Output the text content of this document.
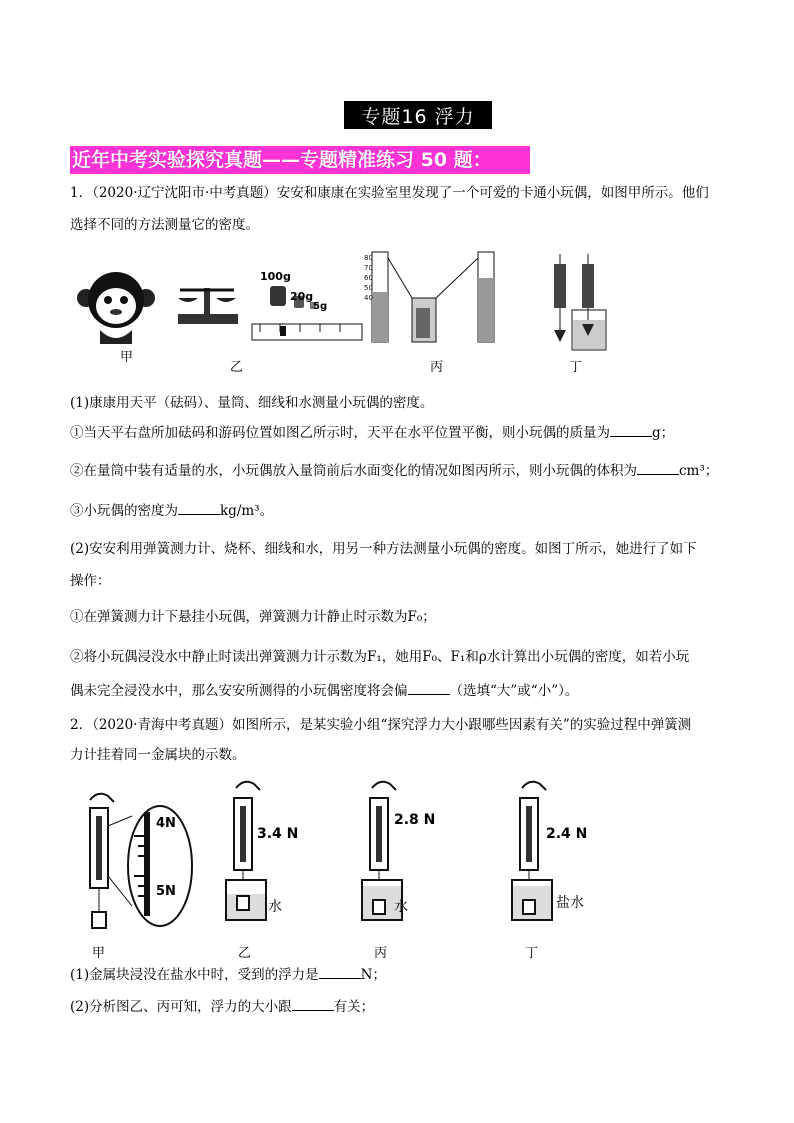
专题16 浮力
近年中考实验探究真题——专题精准练习 50 题：
1．（2020·辽宁沈阳市·中考真题）安安和康康在实验室里发现了一个可爱的卡通小玩偶，如图甲所示。他们
选择不同的方法测量它的密度。
甲
100g
20g
5g
乙
80
70
60
50
40
丙	丁
(1)康康用天平（砝码）、量筒、细线和水测量小玩偶的密度。
①当天平右盘所加砝码和游码位置如图乙所示时，天平在水平位置平衡，则小玩偶的质量为	g；
②在量筒中装有适量的水，小玩偶放入量筒前后水面变化的情况如图丙所示，则小玩偶的体积为	cm³；
③小玩偶的密度为	kg/m³。
(2)安安利用弹簧测力计、烧杯、细线和水，用另一种方法测量小玩偶的密度。如图丁所示，她进行了如下
操作：
①在弹簧测力计下悬挂小玩偶，弹簧测力计静止时示数为F₀；
②将小玩偶浸没水中静止时读出弹簧测力计示数为F₁，她用F₀、F₁和ρ水计算出小玩偶的密度，如若小玩
偶未完全浸没水中，那么安安所测得的小玩偶密度将会偏	（选填“大”或“小”）。
2．（2020·青海中考真题）如图所示，是某实验小组“探究浮力大小跟哪些因素有关”的实验过程中弹簧测
力计挂着同一金属块的示数。
4N
5N
甲
3.4 N
水
乙
2.8 N
水
丙
2.4 N
盐水
丁
(1)金属块浸没在盐水中时，受到的浮力是	N；
(2)分析图乙、丙可知，浮力的大小跟	有关；
